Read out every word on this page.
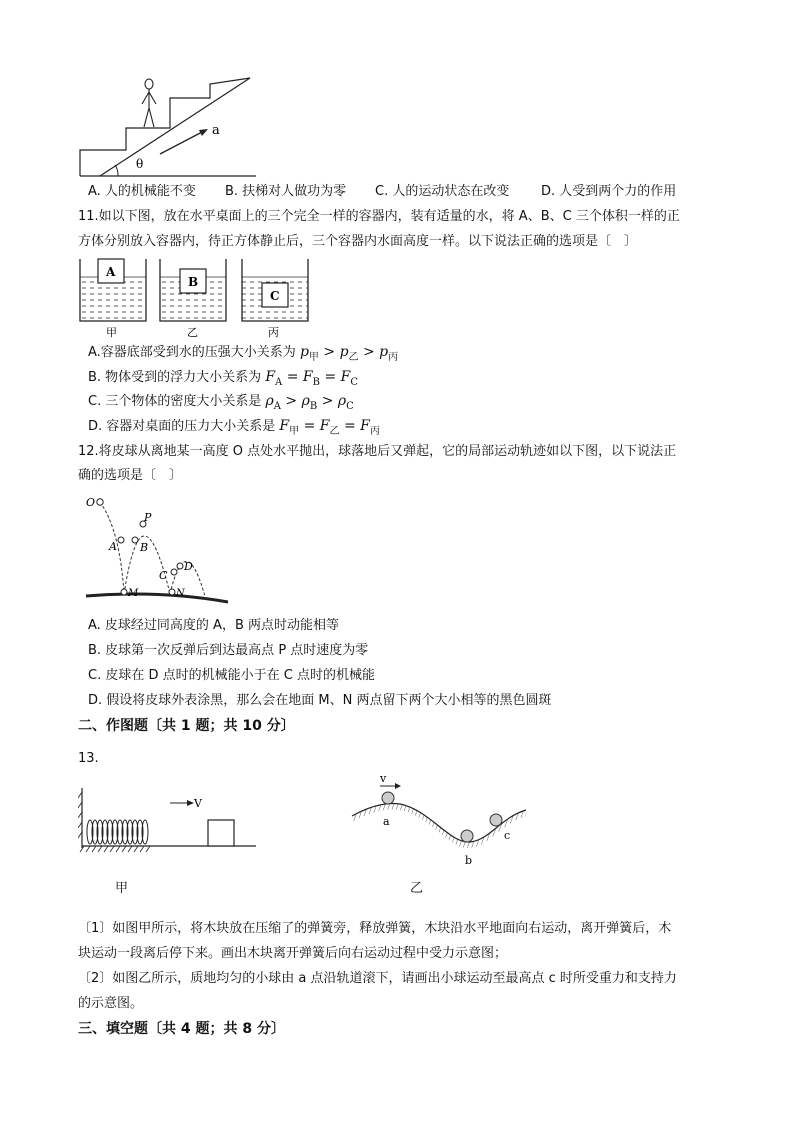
a
θ
A. 人的机械能不变 B. 扶梯对人做功为零 C. 人的运动状态在改变 D. 人受到两个力的作用
11.如以下图，放在水平桌面上的三个完全一样的容器内，装有适量的水，将 A、B、C 三个体积一样的正
方体分别放入容器内，待正方体静止后，三个容器内水面高度一样。以下说法正确的选项是〔　〕
A
B
C
甲	乙	丙
A.容器底部受到水的压强大小关系为 $p_甲 > p_乙 > p_丙$
B. 物体受到的浮力大小关系为 $F_A = F_B = F_C$
C. 三个物体的密度大小关系是 $\rho_A > \rho_B > \rho_C$
D. 容器对桌面的压力大小关系是 $F_甲 = F_乙 = F_丙$
12.将皮球从离地某一高度 O 点处水平抛出，球落地后又弹起，它的局部运动轨迹如以下图，以下说法正
确的选项是〔　〕
O
P
A B
C
D
M	N
A. 皮球经过同高度的 A，B 两点时动能相等
B. 皮球第一次反弹后到达最高点 P 点时速度为零
C. 皮球在 D 点时的机械能小于在 C 点时的机械能
D. 假设将皮球外表涂黑，那么会在地面 M、N 两点留下两个大小相等的黑色圆斑
二、作图题〔共 1 题；共 10 分〕
13.
V
甲
v
a
b
c
乙
〔1〕如图甲所示，将木块放在压缩了的弹簧旁，释放弹簧，木块沿水平地面向右运动，离开弹簧后，木
块运动一段离后停下来。画出木块离开弹簧后向右运动过程中受力示意图；
〔2〕如图乙所示，质地均匀的小球由 a 点沿轨道滚下，请画出小球运动至最高点 c 时所受重力和支持力
的示意图。
三、填空题〔共 4 题；共 8 分〕
